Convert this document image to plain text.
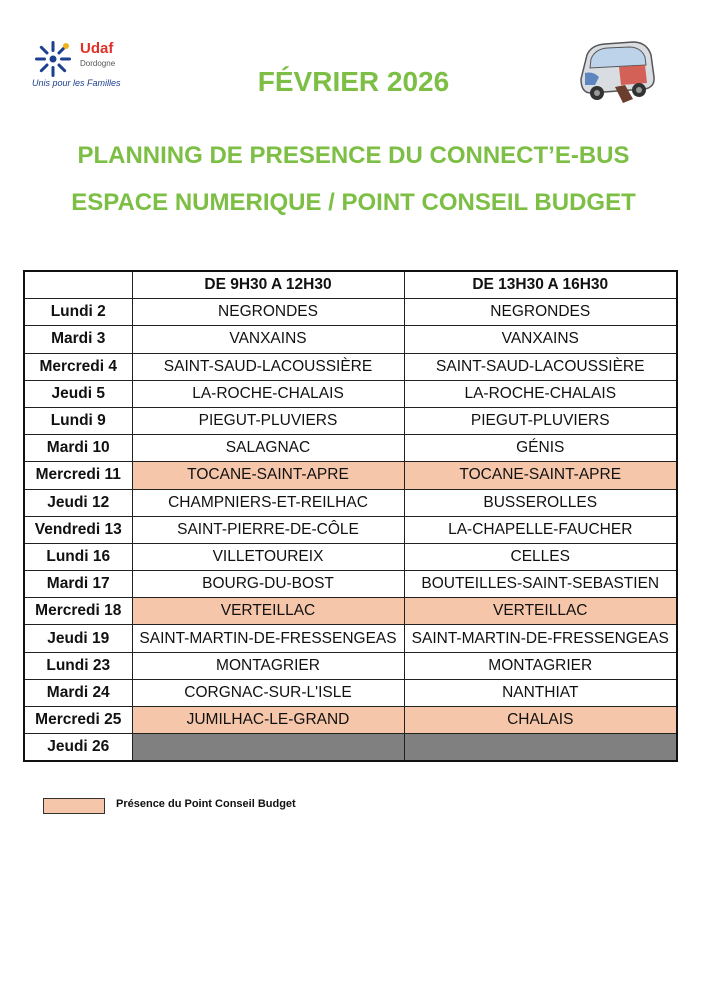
Udaf
Dordogne
Unis pour les Familles	FÉVRIER 2026
PLANNING DE PRESENCE DU CONNECT’E-BUS
ESPACE NUMERIQUE / POINT CONSEIL BUDGET
	DE 9H30 A 12H30	DE 13H30 A 16H30
Lundi 2	NEGRONDES	NEGRONDES
Mardi 3	VANXAINS	VANXAINS
Mercredi 4	SAINT-SAUD-LACOUSSIÈRE	SAINT-SAUD-LACOUSSIÈRE
Jeudi 5	LA-ROCHE-CHALAIS	LA-ROCHE-CHALAIS
Lundi 9	PIEGUT-PLUVIERS	PIEGUT-PLUVIERS
Mardi 10	SALAGNAC	GÉNIS
Mercredi 11	TOCANE-SAINT-APRE	TOCANE-SAINT-APRE
Jeudi 12	CHAMPNIERS-ET-REILHAC	BUSSEROLLES
Vendredi 13	SAINT-PIERRE-DE-CÔLE	LA-CHAPELLE-FAUCHER
Lundi 16	VILLETOUREIX	CELLES
Mardi 17	BOURG-DU-BOST	BOUTEILLES-SAINT-SEBASTIEN
Mercredi 18	VERTEILLAC	VERTEILLAC
Jeudi 19	SAINT-MARTIN-DE-FRESSENGEAS	SAINT-MARTIN-DE-FRESSENGEAS
Lundi 23	MONTAGRIER	MONTAGRIER
Mardi 24	CORGNAC-SUR-L'ISLE	NANTHIAT
Mercredi 25	JUMILHAC-LE-GRAND	CHALAIS
Jeudi 26		
Présence du Point Conseil Budget
